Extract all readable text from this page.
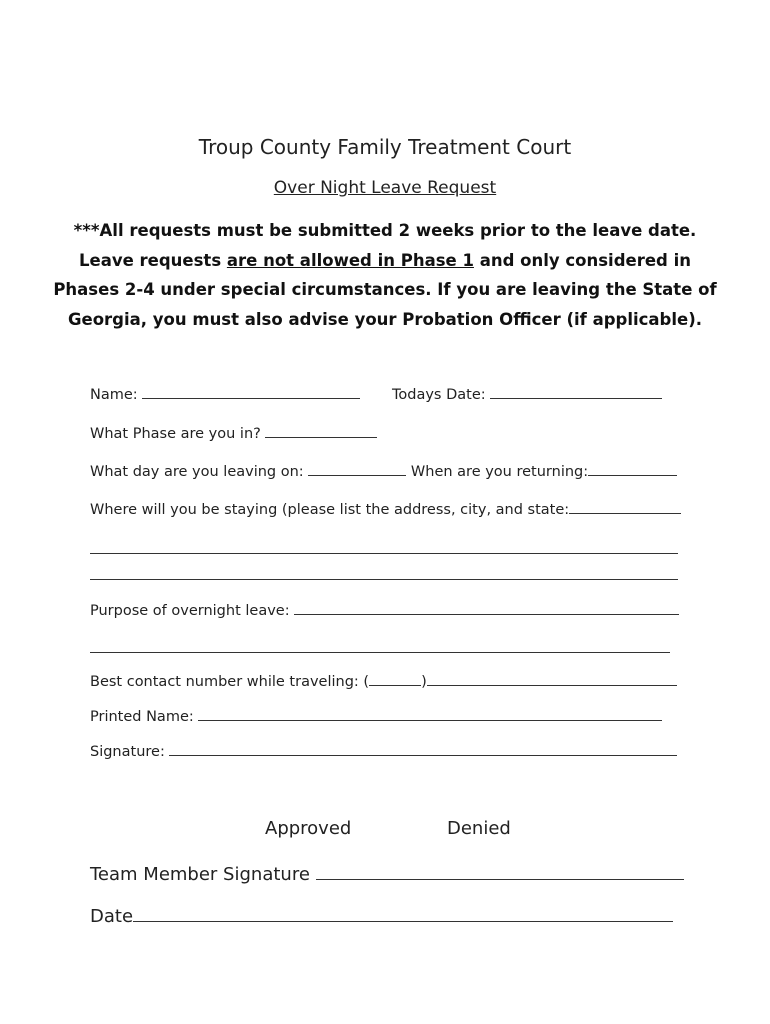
Troup County Family Treatment Court
Over Night Leave Request
***All requests must be submitted 2 weeks prior to the leave date.
Leave requests are not allowed in Phase 1 and only considered in
Phases 2-4 under special circumstances. If you are leaving the State of
Georgia, you must also advise your Probation Officer (if applicable).
Name:	Todays Date:
What Phase are you in?
What day are you leaving on:	When are you returning:
Where will you be staying (please list the address, city, and state:
Purpose of overnight leave:
Best contact number while traveling: (	)
Printed Name:
Signature:
Approved	Denied
Team Member Signature
Date
